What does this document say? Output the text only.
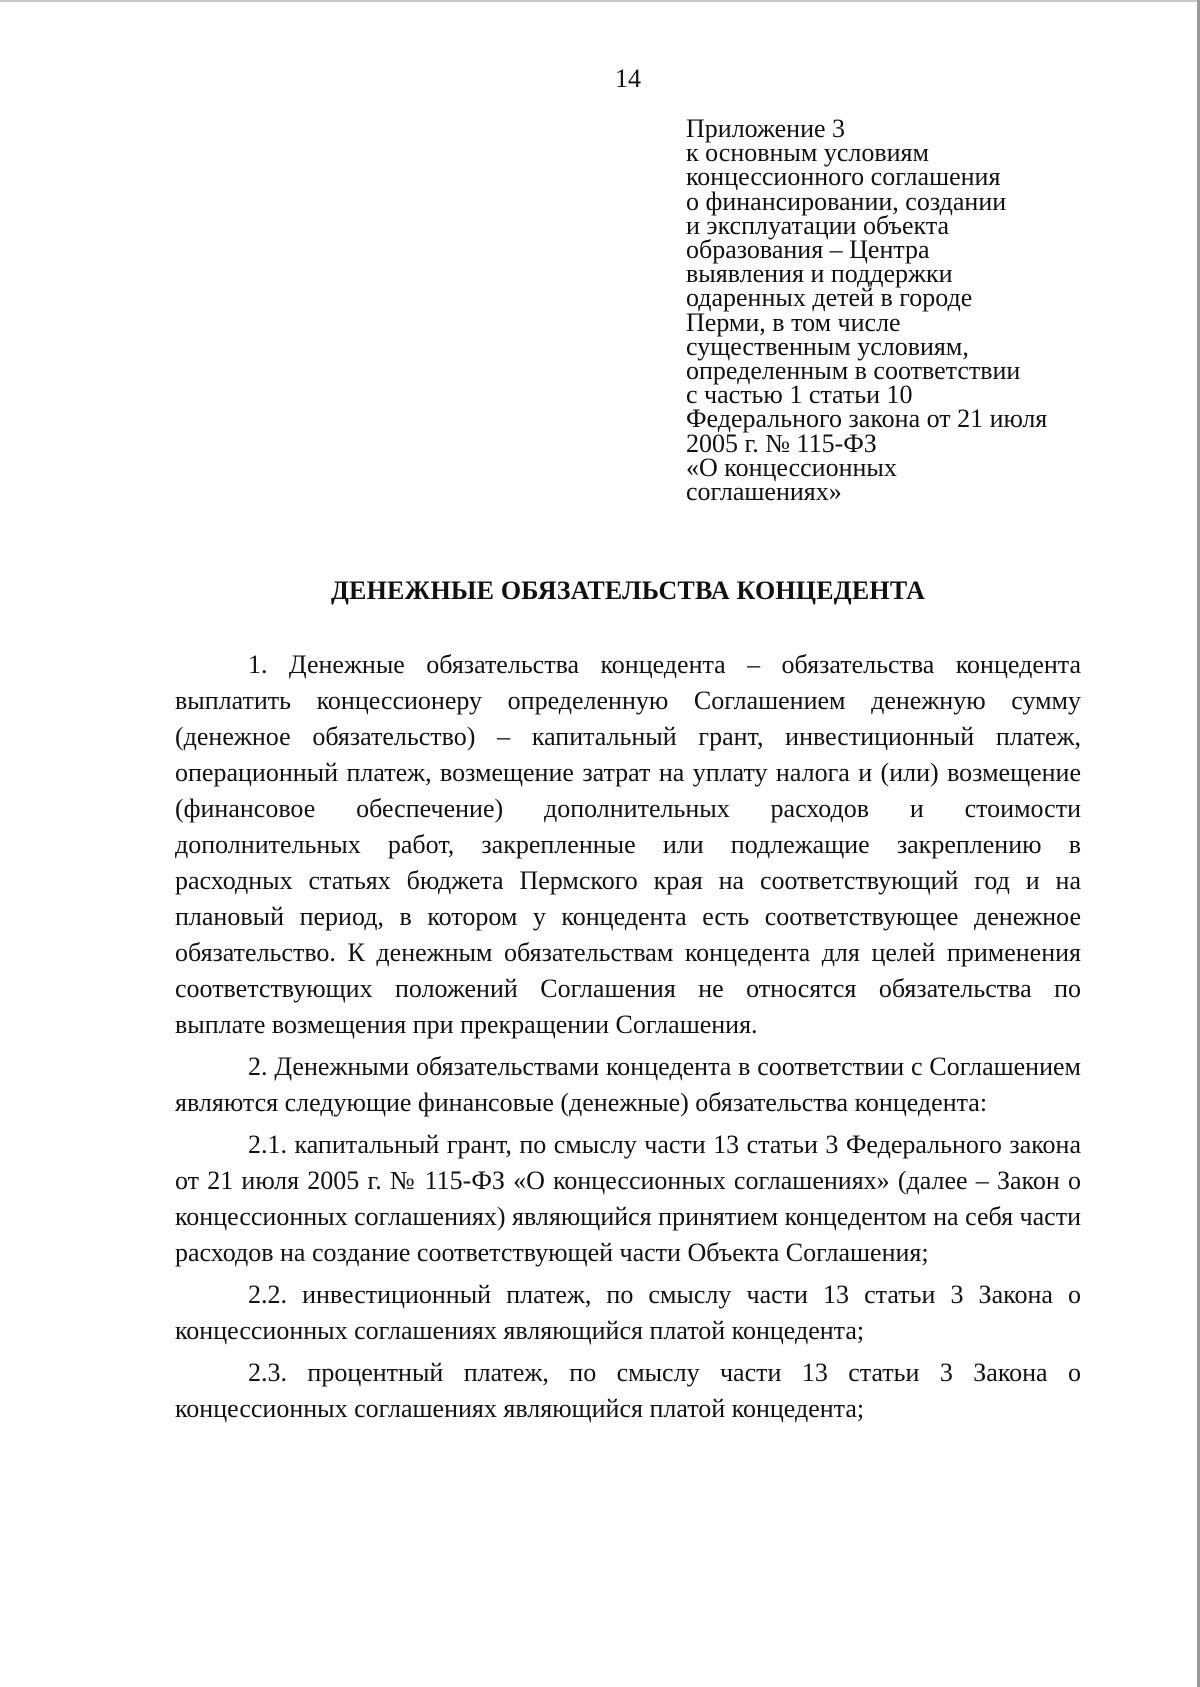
14
Приложение 3
к основным условиям
концессионного соглашения
о финансировании, создании
и эксплуатации объекта
образования – Центра
выявления и поддержки
одаренных детей в городе
Перми, в том числе
существенным условиям,
определенным в соответствии
с частью 1 статьи 10
Федерального закона от 21 июля
2005 г. № 115-ФЗ
«О концессионных
соглашениях»
ДЕНЕЖНЫЕ ОБЯЗАТЕЛЬСТВА КОНЦЕДЕНТА

1. Денежные обязательства концедента – обязательства концедента выплатить концессионеру определенную Соглашением денежную сумму (денежное обязательство) – капитальный грант, инвестиционный платеж, операционный платеж, возмещение затрат на уплату налога и (или) возмещение (финансовое обеспечение) дополнительных расходов и стоимости дополнительных работ, закрепленные или подлежащие закреплению в расходных статьях бюджета Пермского края на соответствующий год и на плановый период, в котором у концедента есть соответствующее денежное обязательство. К денежным обязательствам концедента для целей применения соответствующих положений Соглашения не относятся обязательства по выплате возмещения при прекращении Соглашения.

2. Денежными обязательствами концедента в соответствии с Соглашением являются следующие финансовые (денежные) обязательства концедента:

2.1. капитальный грант, по смыслу части 13 статьи 3 Федерального закона от 21 июля 2005 г. № 115-ФЗ «О концессионных соглашениях» (далее – Закон о концессионных соглашениях) являющийся принятием концедентом на себя части расходов на создание соответствующей части Объекта Соглашения;

2.2. инвестиционный платеж, по смыслу части 13 статьи 3 Закона о концессионных соглашениях являющийся платой концедента;

2.3. процентный платеж, по смыслу части 13 статьи 3 Закона о концессионных соглашениях являющийся платой концедента;
